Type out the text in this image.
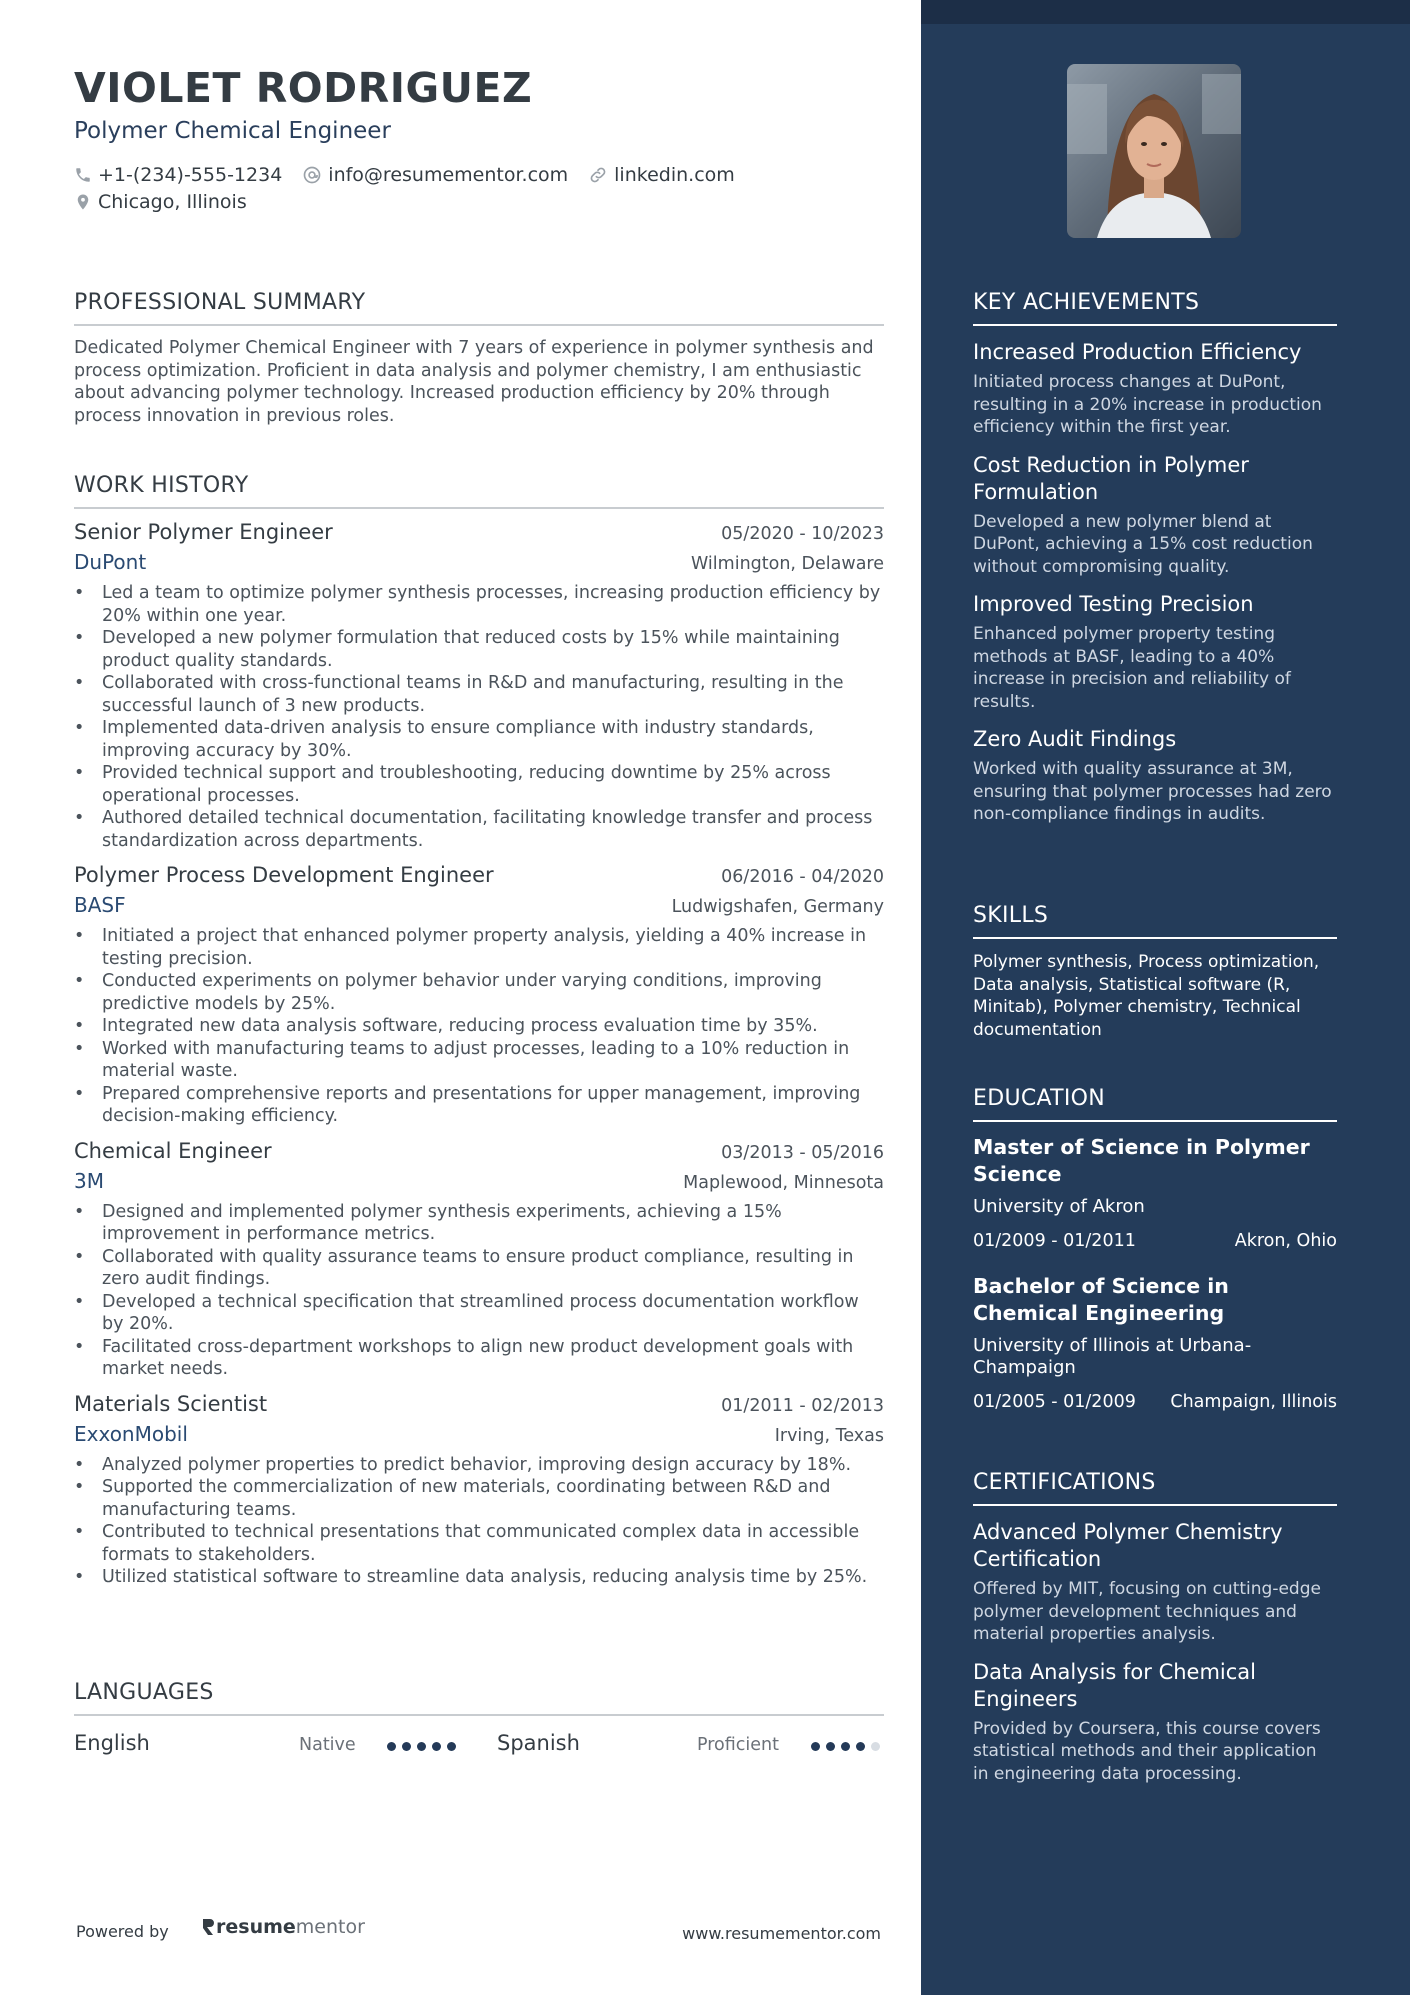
VIOLET RODRIGUEZ
Polymer Chemical Engineer
+1-(234)-555-1234 info@resumementor.com linkedin.com
Chicago, Illinois
PROFESSIONAL SUMMARY
Dedicated Polymer Chemical Engineer with 7 years of experience in polymer synthesis and process optimization. Proficient in data analysis and polymer chemistry, I am enthusiastic about advancing polymer technology. Increased production efficiency by 20% through process innovation in previous roles.
WORK HISTORY
Senior Polymer Engineer	05/2020 - 10/2023
DuPont	Wilmington, Delaware
• Led a team to optimize polymer synthesis processes, increasing production efficiency by 20% within one year.
• Developed a new polymer formulation that reduced costs by 15% while maintaining product quality standards.
• Collaborated with cross-functional teams in R&D and manufacturing, resulting in the successful launch of 3 new products.
• Implemented data-driven analysis to ensure compliance with industry standards, improving accuracy by 30%.
• Provided technical support and troubleshooting, reducing downtime by 25% across operational processes.
• Authored detailed technical documentation, facilitating knowledge transfer and process standardization across departments.
Polymer Process Development Engineer	06/2016 - 04/2020
BASF	Ludwigshafen, Germany
• Initiated a project that enhanced polymer property analysis, yielding a 40% increase in testing precision.
• Conducted experiments on polymer behavior under varying conditions, improving predictive models by 25%.
• Integrated new data analysis software, reducing process evaluation time by 35%.
• Worked with manufacturing teams to adjust processes, leading to a 10% reduction in material waste.
• Prepared comprehensive reports and presentations for upper management, improving decision-making efficiency.
Chemical Engineer	03/2013 - 05/2016
3M	Maplewood, Minnesota
• Designed and implemented polymer synthesis experiments, achieving a 15% improvement in performance metrics.
• Collaborated with quality assurance teams to ensure product compliance, resulting in zero audit findings.
• Developed a technical specification that streamlined process documentation workflow by 20%.
• Facilitated cross-department workshops to align new product development goals with market needs.
Materials Scientist	01/2011 - 02/2013
ExxonMobil	Irving, Texas
• Analyzed polymer properties to predict behavior, improving design accuracy by 18%.
• Supported the commercialization of new materials, coordinating between R&D and manufacturing teams.
• Contributed to technical presentations that communicated complex data in accessible formats to stakeholders.
• Utilized statistical software to streamline data analysis, reducing analysis time by 25%.
LANGUAGES
English	Native	Spanish	Proficient
Powered by resume mentor	www.resumementor.com
KEY ACHIEVEMENTS
Increased Production Efficiency
Initiated process changes at DuPont, resulting in a 20% increase in production efficiency within the first year.
Cost Reduction in Polymer Formulation
Developed a new polymer blend at DuPont, achieving a 15% cost reduction without compromising quality.
Improved Testing Precision
Enhanced polymer property testing methods at BASF, leading to a 40% increase in precision and reliability of results.
Zero Audit Findings
Worked with quality assurance at 3M, ensuring that polymer processes had zero non-compliance findings in audits.
SKILLS
Polymer synthesis, Process optimization, Data analysis, Statistical software (R, Minitab), Polymer chemistry, Technical documentation
EDUCATION
Master of Science in Polymer Science
University of Akron
01/2009 - 01/2011	Akron, Ohio
Bachelor of Science in Chemical Engineering
University of Illinois at Urbana-Champaign
01/2005 - 01/2009 Champaign, Illinois
CERTIFICATIONS
Advanced Polymer Chemistry Certification
Offered by MIT, focusing on cutting-edge polymer development techniques and material properties analysis.
Data Analysis for Chemical Engineers
Provided by Coursera, this course covers statistical methods and their application in engineering data processing.
